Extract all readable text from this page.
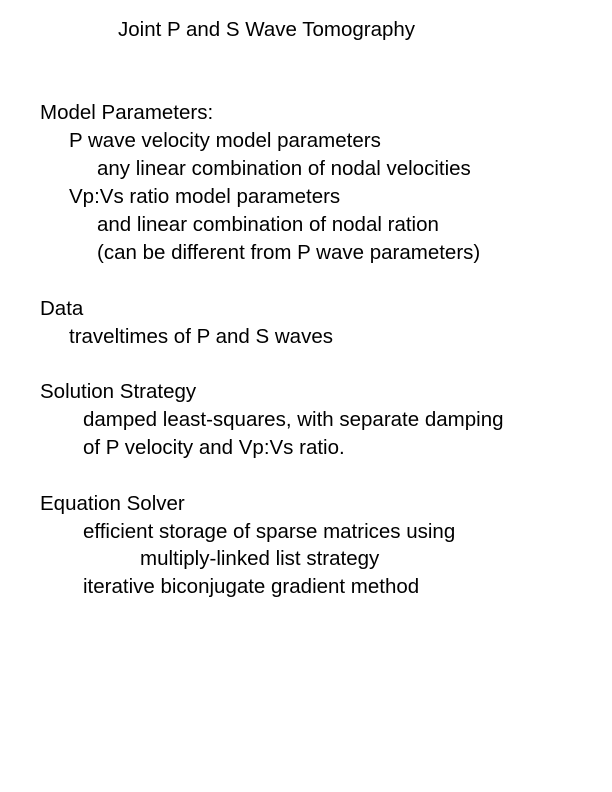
Joint P and S Wave Tomography
Model Parameters:
P wave velocity model parameters
any linear combination of nodal velocities
Vp:Vs ratio model parameters
and linear combination of nodal ration
(can be different from P wave parameters)
Data
traveltimes of P and S waves
Solution Strategy
damped least-squares, with separate damping
of P velocity and Vp:Vs ratio.
Equation Solver
efficient storage of sparse matrices using
multiply-linked list strategy
iterative biconjugate gradient method
